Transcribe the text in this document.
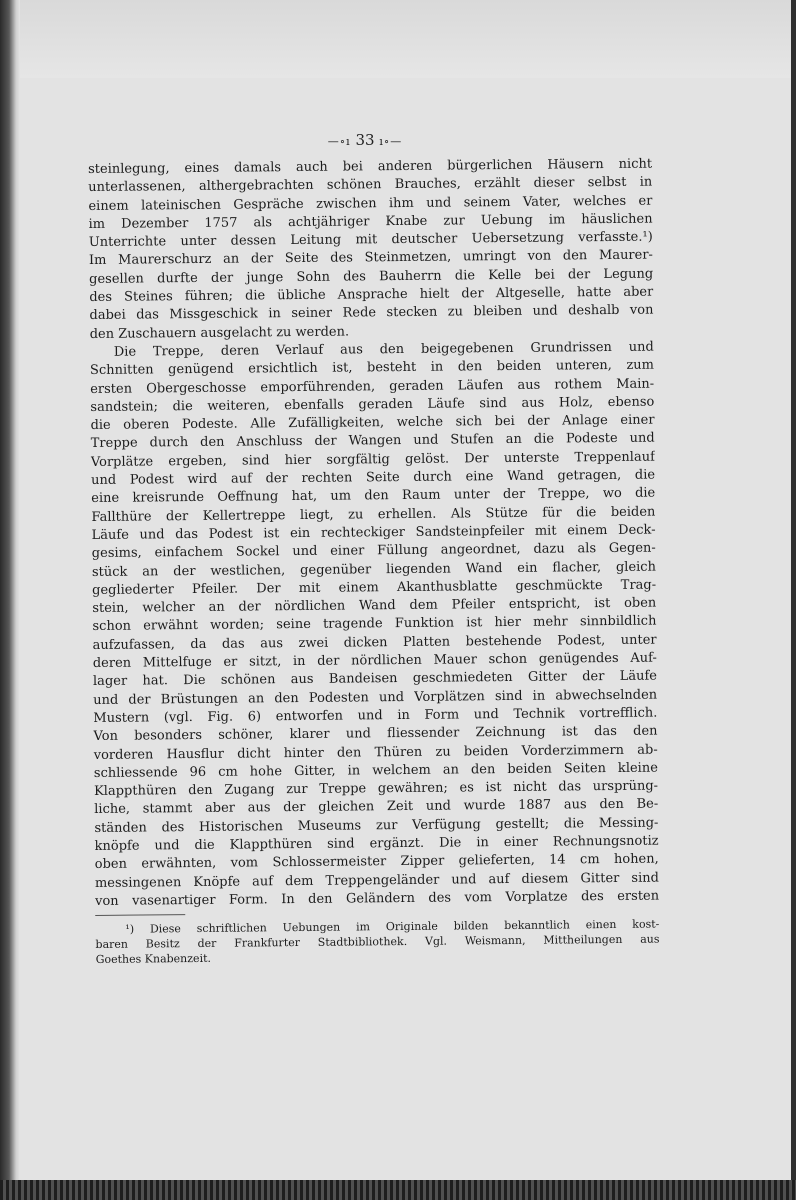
—∘ı 33 ı∘—
steinlegung, eines damals auch bei anderen bürgerlichen Häusern nicht
unterlassenen, althergebrachten schönen Brauches, erzählt dieser selbst in
einem lateinischen Gespräche zwischen ihm und seinem Vater, welches er
im Dezember 1757 als achtjähriger Knabe zur Uebung im häuslichen
Unterrichte unter dessen Leitung mit deutscher Uebersetzung verfasste.¹)
Im Maurerschurz an der Seite des Steinmetzen, umringt von den Maurer-
gesellen durfte der junge Sohn des Bauherrn die Kelle bei der Legung
des Steines führen; die übliche Ansprache hielt der Altgeselle, hatte aber
dabei das Missgeschick in seiner Rede stecken zu bleiben und deshalb von
den Zuschauern ausgelacht zu werden.
Die Treppe, deren Verlauf aus den beigegebenen Grundrissen und
Schnitten genügend ersichtlich ist, besteht in den beiden unteren, zum
ersten Obergeschosse emporführenden, geraden Läufen aus rothem Main-
sandstein; die weiteren, ebenfalls geraden Läufe sind aus Holz, ebenso
die oberen Podeste. Alle Zufälligkeiten, welche sich bei der Anlage einer
Treppe durch den Anschluss der Wangen und Stufen an die Podeste und
Vorplätze ergeben, sind hier sorgfältig gelöst. Der unterste Treppenlauf
und Podest wird auf der rechten Seite durch eine Wand getragen, die
eine kreisrunde Oeffnung hat, um den Raum unter der Treppe, wo die
Fallthüre der Kellertreppe liegt, zu erhellen. Als Stütze für die beiden
Läufe und das Podest ist ein rechteckiger Sandsteinpfeiler mit einem Deck-
gesims, einfachem Sockel und einer Füllung angeordnet, dazu als Gegen-
stück an der westlichen, gegenüber liegenden Wand ein flacher, gleich
gegliederter Pfeiler. Der mit einem Akanthusblatte geschmückte Trag-
stein, welcher an der nördlichen Wand dem Pfeiler entspricht, ist oben
schon erwähnt worden; seine tragende Funktion ist hier mehr sinnbildlich
aufzufassen, da das aus zwei dicken Platten bestehende Podest, unter
deren Mittelfuge er sitzt, in der nördlichen Mauer schon genügendes Auf-
lager hat. Die schönen aus Bandeisen geschmiedeten Gitter der Läufe
und der Brüstungen an den Podesten und Vorplätzen sind in abwechselnden
Mustern (vgl. Fig. 6) entworfen und in Form und Technik vortrefflich.
Von besonders schöner, klarer und fliessender Zeichnung ist das den
vorderen Hausflur dicht hinter den Thüren zu beiden Vorderzimmern ab-
schliessende 96 cm hohe Gitter, in welchem an den beiden Seiten kleine
Klappthüren den Zugang zur Treppe gewähren; es ist nicht das ursprüng-
liche, stammt aber aus der gleichen Zeit und wurde 1887 aus den Be-
ständen des Historischen Museums zur Verfügung gestellt; die Messing-
knöpfe und die Klappthüren sind ergänzt. Die in einer Rechnungsnotiz
oben erwähnten, vom Schlossermeister Zipper gelieferten, 14 cm hohen,
messingenen Knöpfe auf dem Treppengeländer und auf diesem Gitter sind
von vasenartiger Form. In den Geländern des vom Vorplatze des ersten
¹) Diese schriftlichen Uebungen im Originale bilden bekanntlich einen kost-
baren Besitz der Frankfurter Stadtbibliothek. Vgl. Weismann, Mittheilungen aus
Goethes Knabenzeit.
